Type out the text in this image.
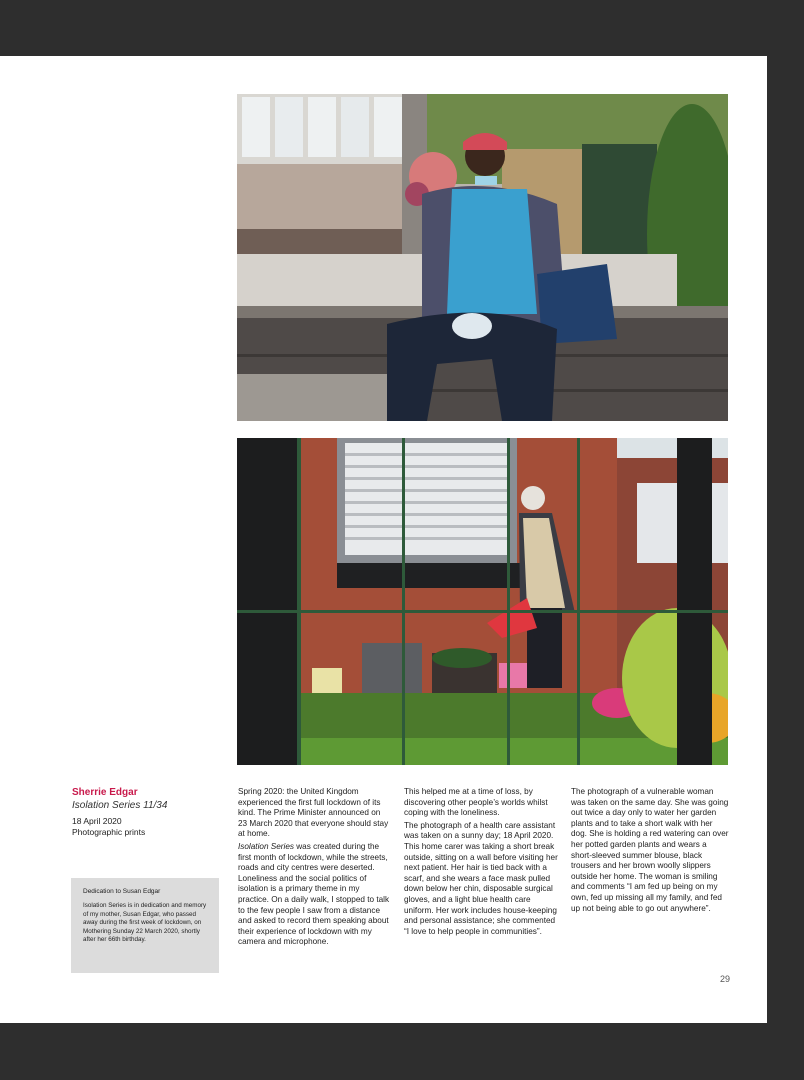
Sherrie Edgar
Isolation Series 11/34
18 April 2020
Photographic prints
Dedication to Susan Edgar
Isolation Series is in dedication and memory of my mother, Susan Edgar, who passed away during the first week of lockdown, on Mothering Sunday 22 March 2020, shortly after her 66th birthday.

Spring 2020: the United Kingdom experienced the first full lockdown of its kind. The Prime Minister announced on 23 March 2020 that everyone should stay at home.

Isolation Series was created during the first month of lockdown, while the streets, roads and city centres were deserted. Loneliness and the social politics of isolation is a primary theme in my practice. On a daily walk, I stopped to talk to the few people I saw from a distance and asked to record them speaking about their experience of lockdown with my camera and microphone.

This helped me at a time of loss, by discovering other people’s worlds whilst coping with the loneliness.

The photograph of a health care assistant was taken on a sunny day; 18 April 2020. This home carer was taking a short break outside, sitting on a wall before visiting her next patient. Her hair is tied back with a scarf, and she wears a face mask pulled down below her chin, disposable surgical gloves, and a light blue health care uniform. Her work includes house-keeping and personal assistance; she commented “I love to help people in communities”.

The photograph of a vulnerable woman was taken on the same day. She was going out twice a day only to water her garden plants and to take a short walk with her dog. She is holding a red watering can over her potted garden plants and wears a short-sleeved summer blouse, black trousers and her brown woolly slippers outside her home. The woman is smiling and comments “I am fed up being on my own, fed up missing all my family, and fed up not being able to go out anywhere”.

29
